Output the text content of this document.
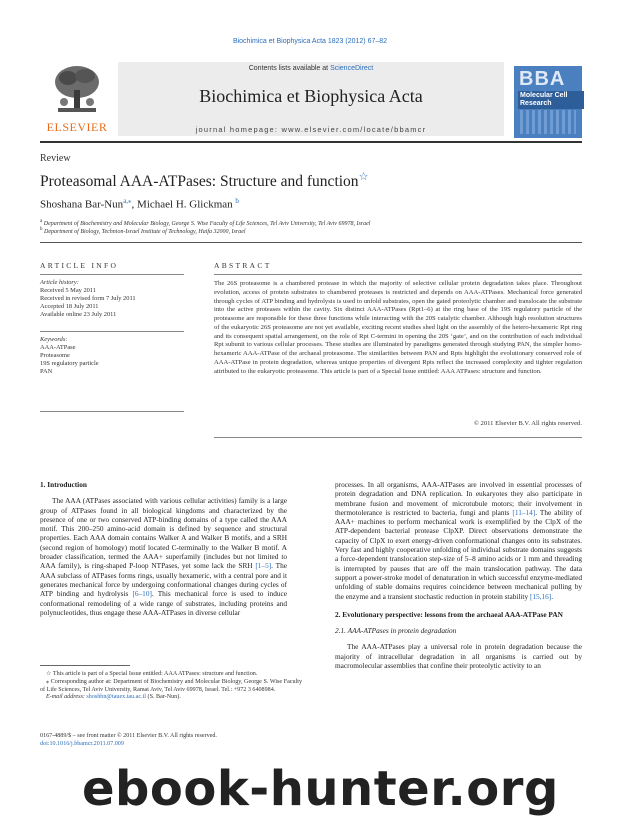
Biochimica et Biophysica Acta 1823 (2012) 67–82
ELSEVIER
Contents lists available at ScienceDirect
Biochimica et Biophysica Acta
journal homepage: www.elsevier.com/locate/bbamcr
BBA
Molecular Cell Research
Review
Proteasomal AAA-ATPases: Structure and function☆
Shoshana Bar-Nun$^{a,⁎}$, Michael H. Glickman $^b$
$^a$ Department of Biochemistry and Molecular Biology, George S. Wise Faculty of Life Sciences, Tel Aviv University, Tel Aviv 69978, Israel
$^b$ Department of Biology, Technion-Israel Institute of Technology, Haifa 32000, Israel
ARTICLE INFO	ABSTRACT
Article history:
Received 5 May 2011
Received in revised form 7 July 2011
Accepted 18 July 2011
Available online 23 July 2011
Keywords:
AAA-ATPase
Proteasome
19S regulatory particle
PAN
The 26S proteasome is a chambered protease in which the majority of selective cellular protein degradation takes place. Throughout evolution, access of protein substrates to chambered proteases is restricted and depends on AAA-ATPases. Mechanical force generated through cycles of ATP binding and hydrolysis is used to unfold substrates, open the gated proteolytic chamber and translocate the substrate into the active proteases within the cavity. Six distinct AAA-ATPases (Rpt1–6) at the ring base of the 19S regulatory particle of the proteasome are responsible for these three functions while interacting with the 20S catalytic chamber. Although high resolution structures of the eukaryotic 26S proteasome are not yet available, exciting recent studies shed light on the assembly of the hetero-hexameric Rpt ring and its consequent spatial arrangement, on the role of Rpt C-termini in opening the 20S ‘gate’, and on the contribution of each individual Rpt subunit to various cellular processes. These studies are illuminated by paradigms generated through studying PAN, the simpler homo-hexameric AAA-ATPase of the archaeal proteasome. The similarities between PAN and Rpts highlight the evolutionary conserved role of AAA-ATPase in protein degradation, whereas unique properties of divergent Rpts reflect the increased complexity and tighter regulation attributed to the eukaryotic proteasome. This article is part of a Special Issue entitled: AAA ATPases: structure and function.
© 2011 Elsevier B.V. All rights reserved.
1. Introduction
The AAA (ATPases associated with various cellular activities) family is a large group of ATPases found in all biological kingdoms and characterized by the presence of one or two conserved ATP-binding domains of a type called the AAA motif. This 200–250 amino-acid domain is defined by sequence and structural properties. Each AAA domain contains Walker A and Walker B motifs, and a SRH (second region of homology) motif located C-terminally to the Walker B motif. A broader classification, termed the AAA+ superfamily (includes but not limited to AAA family), is ring-shaped P-loop NTPases, yet some lack the SRH [1–5]. The AAA subclass of ATPases forms rings, usually hexameric, with a central pore and it generates mechanical force by undergoing conformational changes during cycles of ATP binding and hydrolysis [6–10]. This mechanical force is used to induce conformational remodeling of a wide range of substrates, including proteins and polynucleotides, thus engage these AAA-ATPases in diverse cellular
processes. In all organisms, AAA-ATPases are involved in essential processes of protein degradation and DNA replication. In eukaryotes they also participate in membrane fusion and movement of microtubule motors; their involvement in thermotolerance is restricted to bacteria, fungi and plants [11–14]. The ability of AAA+ machines to perform mechanical work is exemplified by the ClpX of the ATP-dependent bacterial protease ClpXP. Direct observations demonstrate the capacity of ClpX to exert energy-driven conformational changes onto its substrates. Very fast and highly cooperative unfolding of individual substrate domains suggests a force-dependent translocation step-size of 5–8 amino acids or 1 mm and threading is interrupted by pauses that are off the main translocation pathway. The data support a power-stroke model of denaturation in which successful enzyme-mediated unfolding of stable domains requires coincidence between mechanical pulling by the enzyme and a transient stochastic reduction in protein stability [15,16].
2. Evolutionary perspective: lessons from the archaeal AAA-ATPase PAN
2.1. AAA-ATPases in protein degradation
The AAA-ATPases play a universal role in protein degradation because the majority of intracellular degradation in all organisms is carried out by macromolecular assemblies that confine their proteolytic activity to an
☆ This article is part of a Special Issue entitled: AAA ATPases: structure and function.
⁎ Corresponding author at: Department of Biochemistry and Molecular Biology, George S. Wise Faculty of Life Sciences, Tel Aviv University, Ramat Aviv, Tel Aviv 69978, Israel. Tel.: +972 3 6408984.
E-mail address: shoshbn@tauex.tau.ac.il (S. Bar-Nun).
0167-4889/$ – see front matter © 2011 Elsevier B.V. All rights reserved.
doi:10.1016/j.bbamcr.2011.07.009
ebook-hunter.org
